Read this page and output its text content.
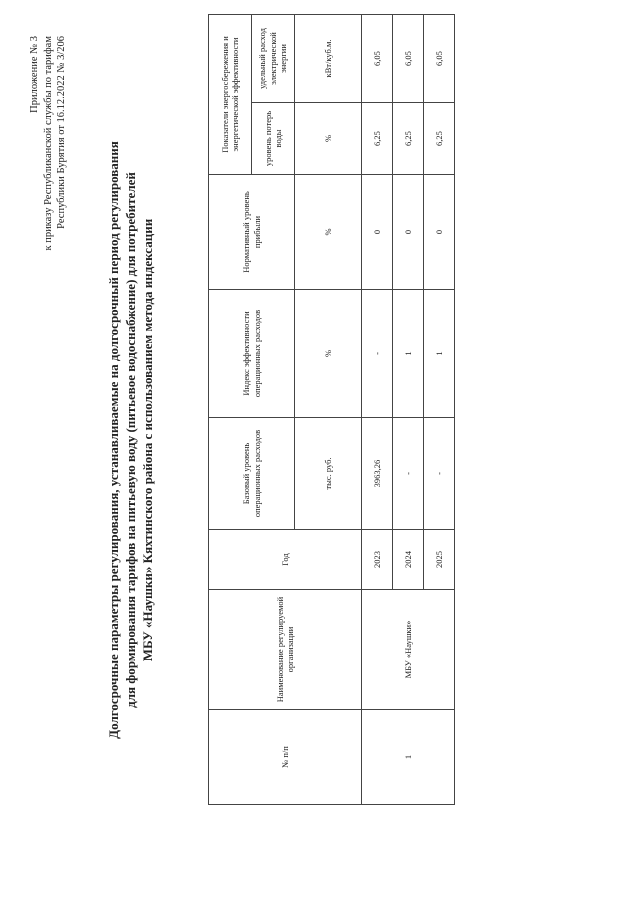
Приложение № 3 к приказу Республиканской службы по тарифам Республики Бурятия от 16.12.2022 № 3/206
Долгосрочные параметры регулирования, устанавливаемые на долгосрочный период регулирования для формирования тарифов на питьевую воду (питьевое водоснабжение) для потребителей МБУ «Наушки» Кяхтинского района с использованием метода индексации
№ п/п	Наименование регулируемой организации	Год	Базовый уровень операционных расходов	Индекс эффективности операционных расходов	Нормативный уровень прибыли	Показатели энергосбережения и энергетической эффективности	
						уровень потерь воды	удельный расход электрической энергии
			тыс. руб.	%	%	%	кВт/куб.м.
1	МБУ «Наушки»	2023	3963,26	-	0	6,25	6,05
		2024	-	1	0	6,25	6,05
		2025	-	1	0	6,25	6,05
